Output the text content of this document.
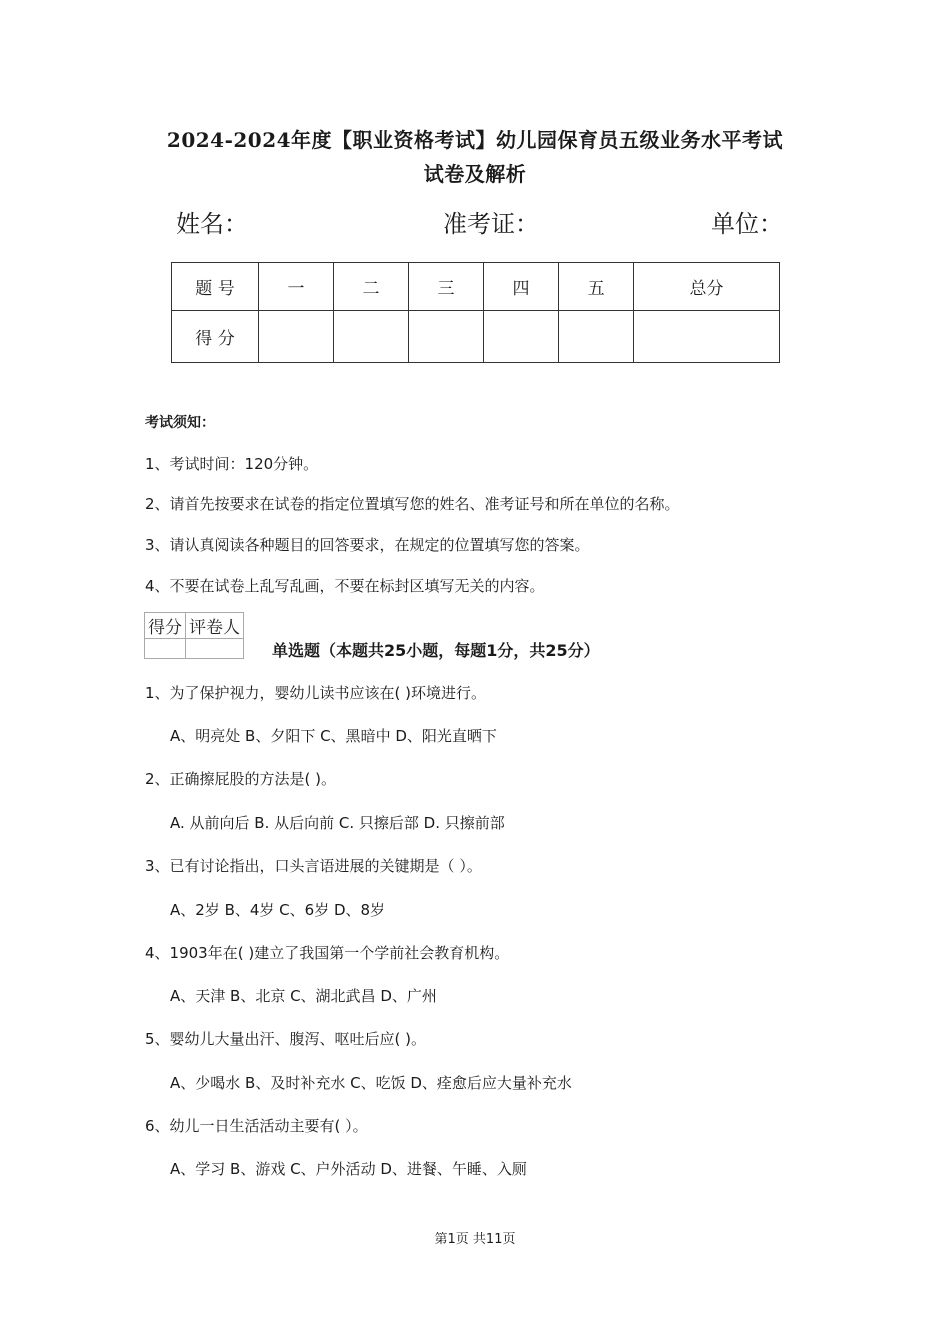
2024-2024年度【职业资格考试】幼儿园保育员五级业务水平考试
试卷及解析
姓名：	准考证：	单位：
题 号	一	二	三	四	五	总分
得 分						
考试须知：
1、考试时间：120分钟。
2、请首先按要求在试卷的指定位置填写您的姓名、准考证号和所在单位的名称。
3、请认真阅读各种题目的回答要求，在规定的位置填写您的答案。
4、不要在试卷上乱写乱画，不要在标封区填写无关的内容。
得分	评卷人

单选题（本题共25小题，每题1分，共25分）
1、为了保护视力，婴幼儿读书应该在( )环境进行。
A、明亮处 B、夕阳下 C、黑暗中 D、阳光直晒下
2、正确擦屁股的方法是( )。
A. 从前向后 B. 从后向前 C. 只擦后部 D. 只擦前部
3、已有讨论指出，口头言语进展的关键期是（ ）。
A、2岁 B、4岁 C、6岁 D、8岁
4、1903年在( )建立了我国第一个学前社会教育机构。
A、天津 B、北京 C、湖北武昌 D、广州
5、婴幼儿大量出汗、腹泻、呕吐后应( )。
A、少喝水 B、及时补充水 C、吃饭 D、痊愈后应大量补充水
6、幼儿一日生活活动主要有( ）。
A、学习 B、游戏 C、户外活动 D、进餐、午睡、入厕
第1页 共11页
